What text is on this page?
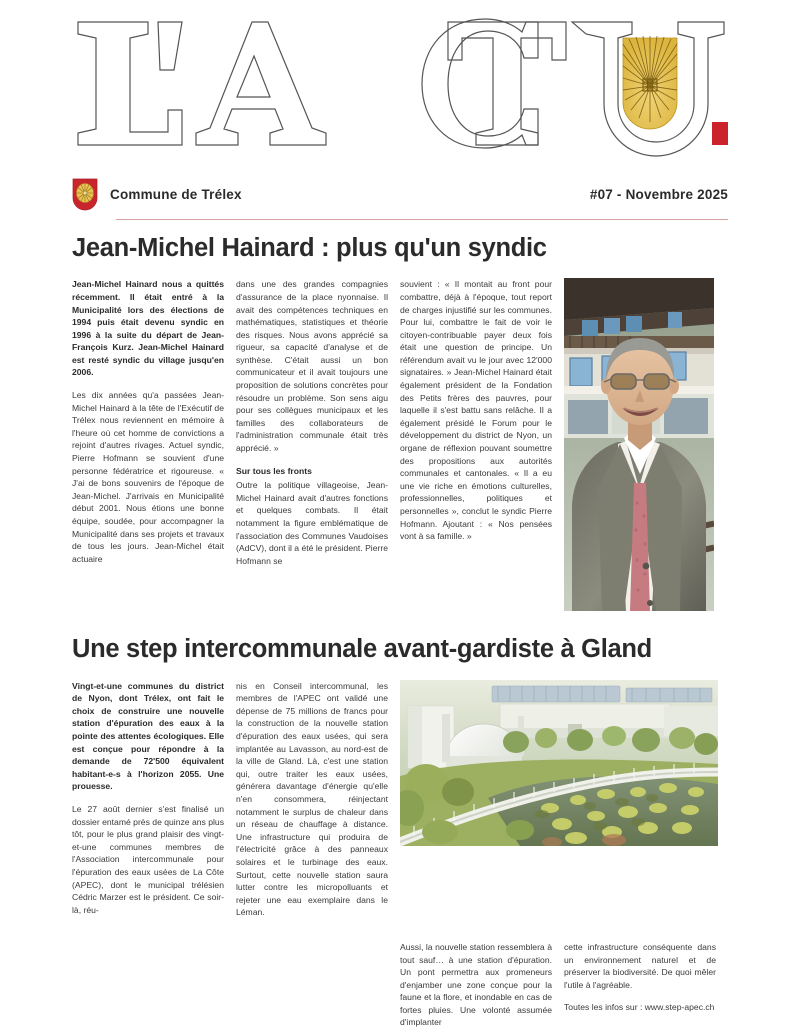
Commune de Trélex	#07 - Novembre 2025
Jean-Michel Hainard : plus qu'un syndic

Jean-Michel Hainard nous a quittés récemment. Il était entré à la Municipalité lors des élections de 1994 puis était devenu syndic en 1996 à la suite du départ de Jean-François Kurz. Jean-Michel Hainard est resté syndic du village jusqu'en 2006.

Les dix années qu'a passées Jean-Michel Hainard à la tête de l'Exécutif de Trélex nous reviennent en mémoire à l'heure où cet homme de convictions a rejoint d'autres rivages. Actuel syndic, Pierre Hofmann se souvient d'une personne fédératrice et rigoureuse. « J'ai de bons souvenirs de l'époque de Jean-Michel. J'arrivais en Municipalité début 2001. Nous étions une bonne équipe, soudée, pour accompagner la Municipalité dans ses projets et travaux de tous les jours. Jean-Michel était actuaire

dans une des grandes compagnies d'assurance de la place nyonnaise. Il avait des compétences techniques en mathématiques, statistiques et théorie des risques. Nous avons apprécié sa rigueur, sa capacité d'analyse et de synthèse. C'était aussi un bon communicateur et il avait toujours une proposition de solutions concrètes pour résoudre un problème. Son sens aigu pour ses collègues municipaux et les familles des collaborateurs de l'administration communale était très apprécié. »

Sur tous les fronts

Outre la politique villageoise, Jean-Michel Hainard avait d'autres fonctions et quelques combats. Il était notamment la figure emblématique de l'association des Communes Vaudoises (AdCV), dont il a été le président. Pierre Hofmann se

souvient : « Il montait au front pour combattre, déjà à l'époque, tout report de charges injustifié sur les communes. Pour lui, combattre le fait de voir le citoyen-contribuable payer deux fois était une question de principe. Un référendum avait vu le jour avec 12'000 signataires. » Jean-Michel Hainard était également président de la Fondation des Petits frères des pauvres, pour laquelle il s'est battu sans relâche. Il a également présidé le Forum pour le développement du district de Nyon, un organe de réflexion pouvant soumettre des propositions aux autorités communales et cantonales. « Il a eu une vie riche en émotions culturelles, professionnelles, politiques et personnelles », conclut le syndic Pierre Hofmann. Ajoutant : « Nos pensées vont à sa famille. »

Une step intercommunale avant-gardiste à Gland

Vingt-et-une communes du district de Nyon, dont Trélex, ont fait le choix de construire une nouvelle station d'épuration des eaux à la pointe des attentes écologiques. Elle est conçue pour répondre à la demande de 72'500 équivalent habitant-e-s à l'horizon 2055. Une prouesse.

Le 27 août dernier s'est finalisé un dossier entamé près de quinze ans plus tôt, pour le plus grand plaisir des vingt-et-une communes membres de l'Association intercommunale pour l'épuration des eaux usées de La Côte (APEC), dont le municipal trélésien Cédric Marzer est le président. Ce soir-là, réu-

nis en Conseil intercommunal, les membres de l'APEC ont validé une dépense de 75 millions de francs pour la construction de la nouvelle station d'épuration des eaux usées, qui sera implantée au Lavasson, au nord-est de la ville de Gland. Là, c'est une station qui, outre traiter les eaux usées, générera davantage d'énergie qu'elle n'en consommera, réinjectant notamment le surplus de chaleur dans un réseau de chauffage à distance. Une infrastructure qui produira de l'électricité grâce à des panneaux solaires et le turbinage des eaux. Surtout, cette nouvelle station saura lutter contre les micropolluants et rejeter une eau exemplaire dans le Léman.

Aussi, la nouvelle station ressemblera à tout sauf… à une station d'épuration. Un pont permettra aux promeneurs d'enjamber une zone conçue pour la faune et la flore, et inondable en cas de fortes pluies. Une volonté assumée d'implanter

cette infrastructure conséquente dans un environnement naturel et de préserver la biodiversité. De quoi mêler l'utile à l'agréable.

Toutes les infos sur : www.step-apec.ch
